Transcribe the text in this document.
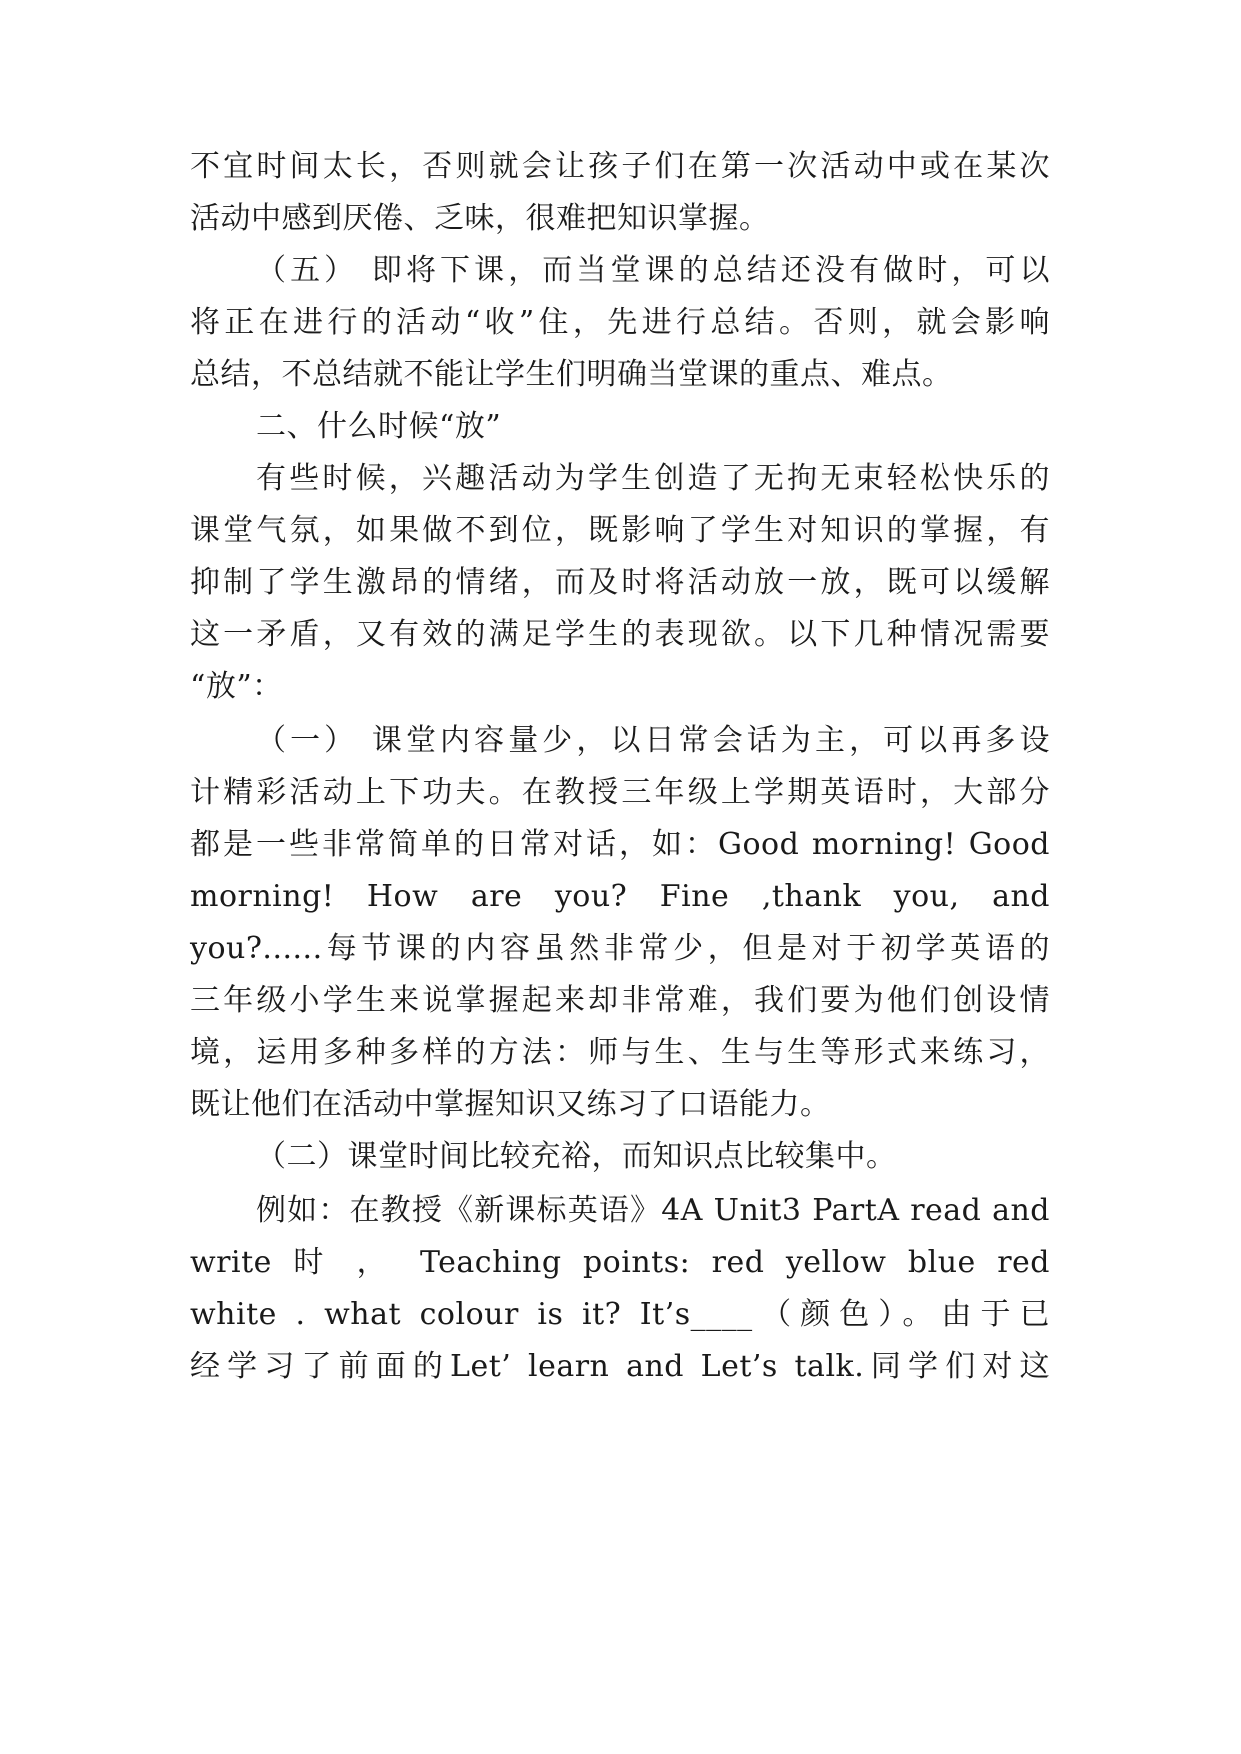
不宜时间太长，否则就会让孩子们在第一次活动中或在某次
活动中感到厌倦、乏味，很难把知识掌握。
（五） 即将下课，而当堂课的总结还没有做时，可以
将正在进行的活动“收”住，先进行总结。否则，就会影响
总结，不总结就不能让学生们明确当堂课的重点、难点。
二、什么时候“放”
有些时候，兴趣活动为学生创造了无拘无束轻松快乐的
课堂气氛，如果做不到位，既影响了学生对知识的掌握，有
抑制了学生激昂的情绪，而及时将活动放一放，既可以缓解
这一矛盾，又有效的满足学生的表现欲。以下几种情况需要
“放”：
（一） 课堂内容量少，以日常会话为主，可以再多设
计精彩活动上下功夫。在教授三年级上学期英语时，大部分
都是一些非常简单的日常对话，如：Good morning! Good
morning!  How  are  you?  Fine  ,thank  you,  and
you?......每节课的内容虽然非常少，但是对于初学英语的
三年级小学生来说掌握起来却非常难，我们要为他们创设情
境，运用多种多样的方法：师与生、生与生等形式来练习，
既让他们在活动中掌握知识又练习了口语能力。
（二）课堂时间比较充裕，而知识点比较集中。
例如：在教授《新课标英语》4A Unit3 PartA read and
write 时 ， Teaching points: red yellow blue red
white . what colour is it? It’s____（颜色）。由于已
经学习了前面的Let’ learn and Let’s talk.同学们对这
